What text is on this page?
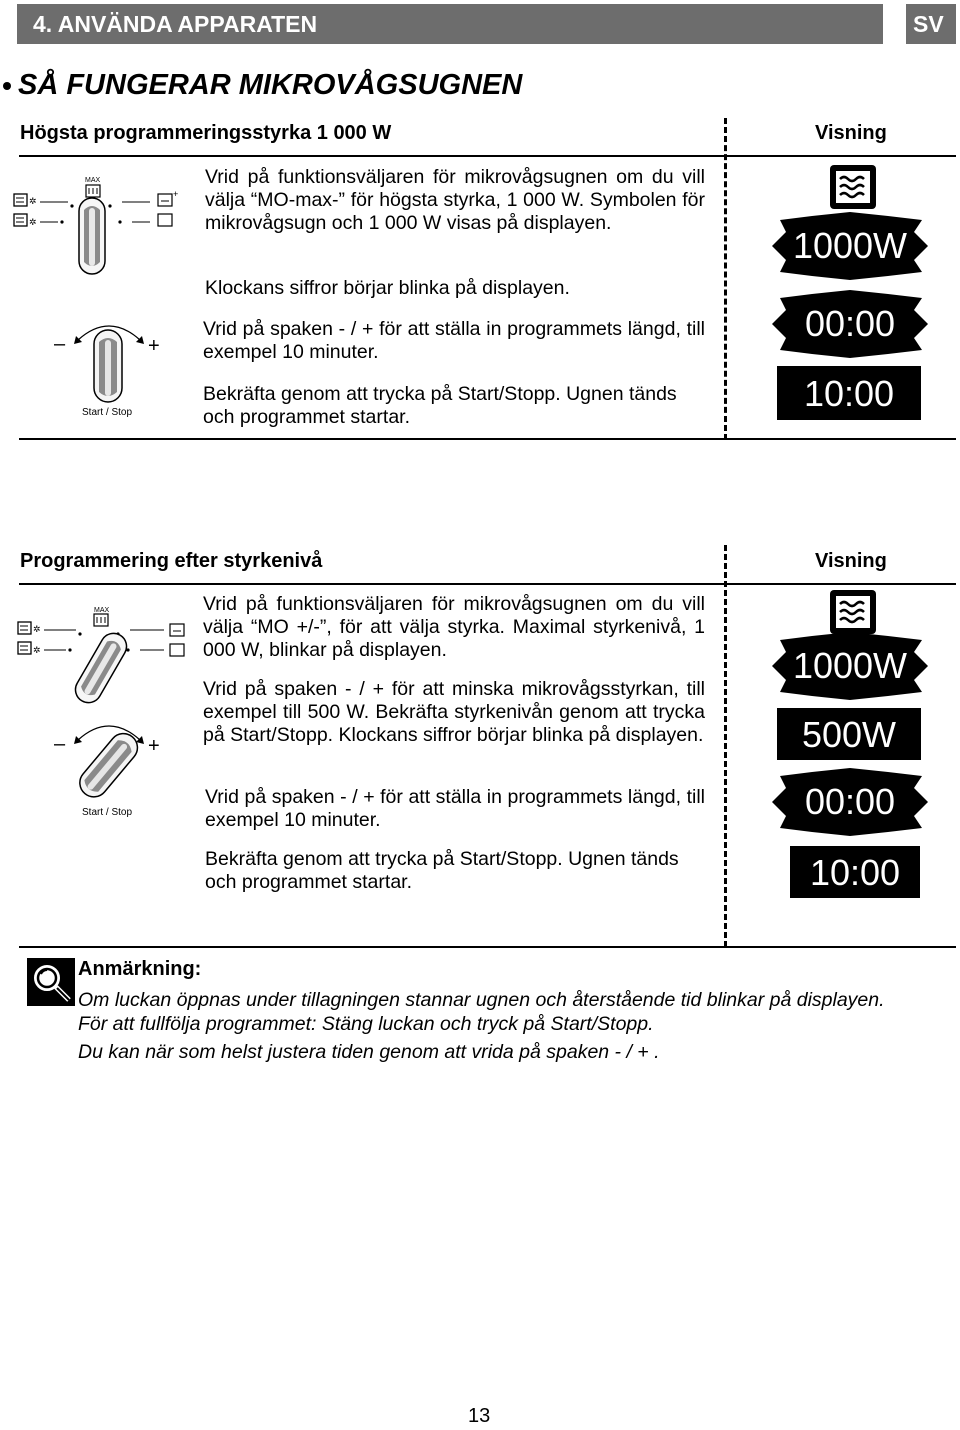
4. ANVÄNDA APPARATEN	SV
SÅ FUNGERAR MIKROVÅGSUGNEN
Högsta programmeringsstyrka 1 000 W	Visning
✲
✲
MAX
+
–	+
Start / Stop
Vrid på funktionsväljaren för mikrovågsugnen om du vill välja “MO-max-” för högsta styrka, 1 000 W. Symbolen för mikrovågsugn och 1 000 W visas på displayen.
Klockans siffror börjar blinka på displayen.
Vrid på spaken - / + för att ställa in programmets längd, till exempel 10 minuter.
Bekräfta genom att trycka på Start/Stopp. Ugnen tänds och programmet startar.
1000W
00:00
10:00
Programmering efter styrkenivå	Visning
✲
✲
MAX
–	+
Start / Stop
Vrid på funktionsväljaren för mikrovågsugnen om du vill välja “MO +/-”, för att välja styrka. Maximal styrkenivå, 1 000 W, blinkar på displayen.
Vrid på spaken - / + för att minska mikrovågsstyrkan, till exempel till 500 W. Bekräfta styrkenivån genom att trycka på Start/Stopp. Klockans siffror börjar blinka på displayen.
Vrid på spaken - / + för att ställa in programmets längd, till exempel 10 minuter.
Bekräfta genom att trycka på Start/Stopp. Ugnen tänds och programmet startar.
1000W
500W
00:00
10:00
Anmärkning:
Om luckan öppnas under tillagningen stannar ugnen och återstående tid blinkar på displayen.
För att fullfölja programmet: Stäng luckan och tryck på Start/Stopp.
Du kan när som helst justera tiden genom att vrida på spaken - / + .
13
